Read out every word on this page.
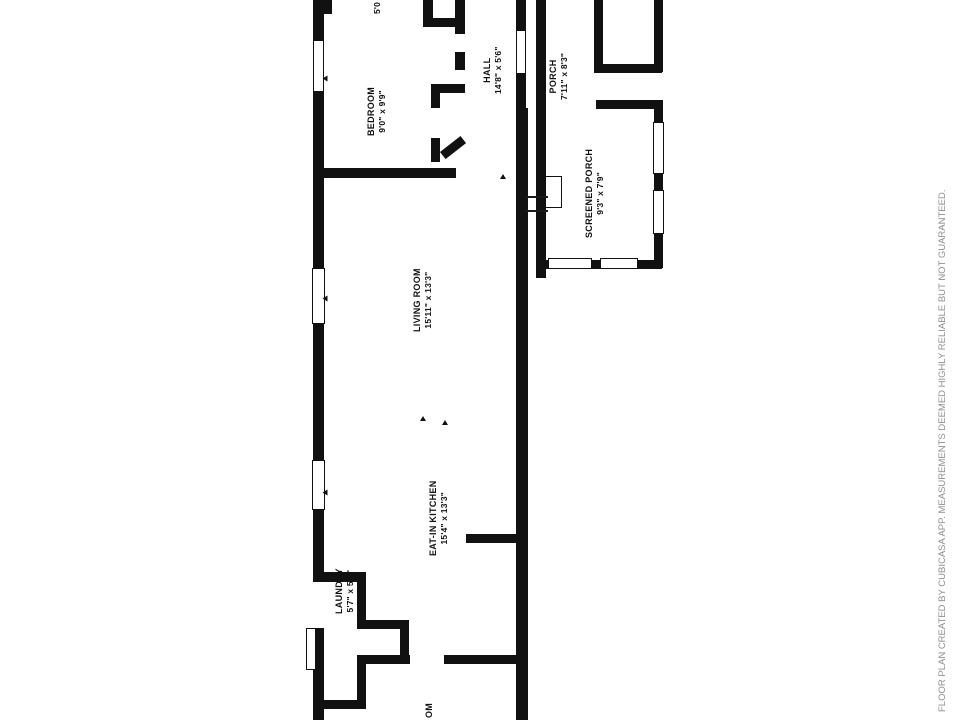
BEDROOM 9'0" x 9'9"
5'0
HALL 14'8" x 5'6"	PORCH 7'11" x 8'3"
SCREENED PORCH 9'3" x 7'9"
LIVING ROOM 15'11" x 13'3"
EAT-IN KITCHEN 15'4" x 13'3"
LAUNDRY 5'7" x 5'1"
OM	FLOOR PLAN CREATED BY CUBICASA APP. MEASUREMENTS DEEMED HIGHLY RELIABLE BUT NOT GUARANTEED.
